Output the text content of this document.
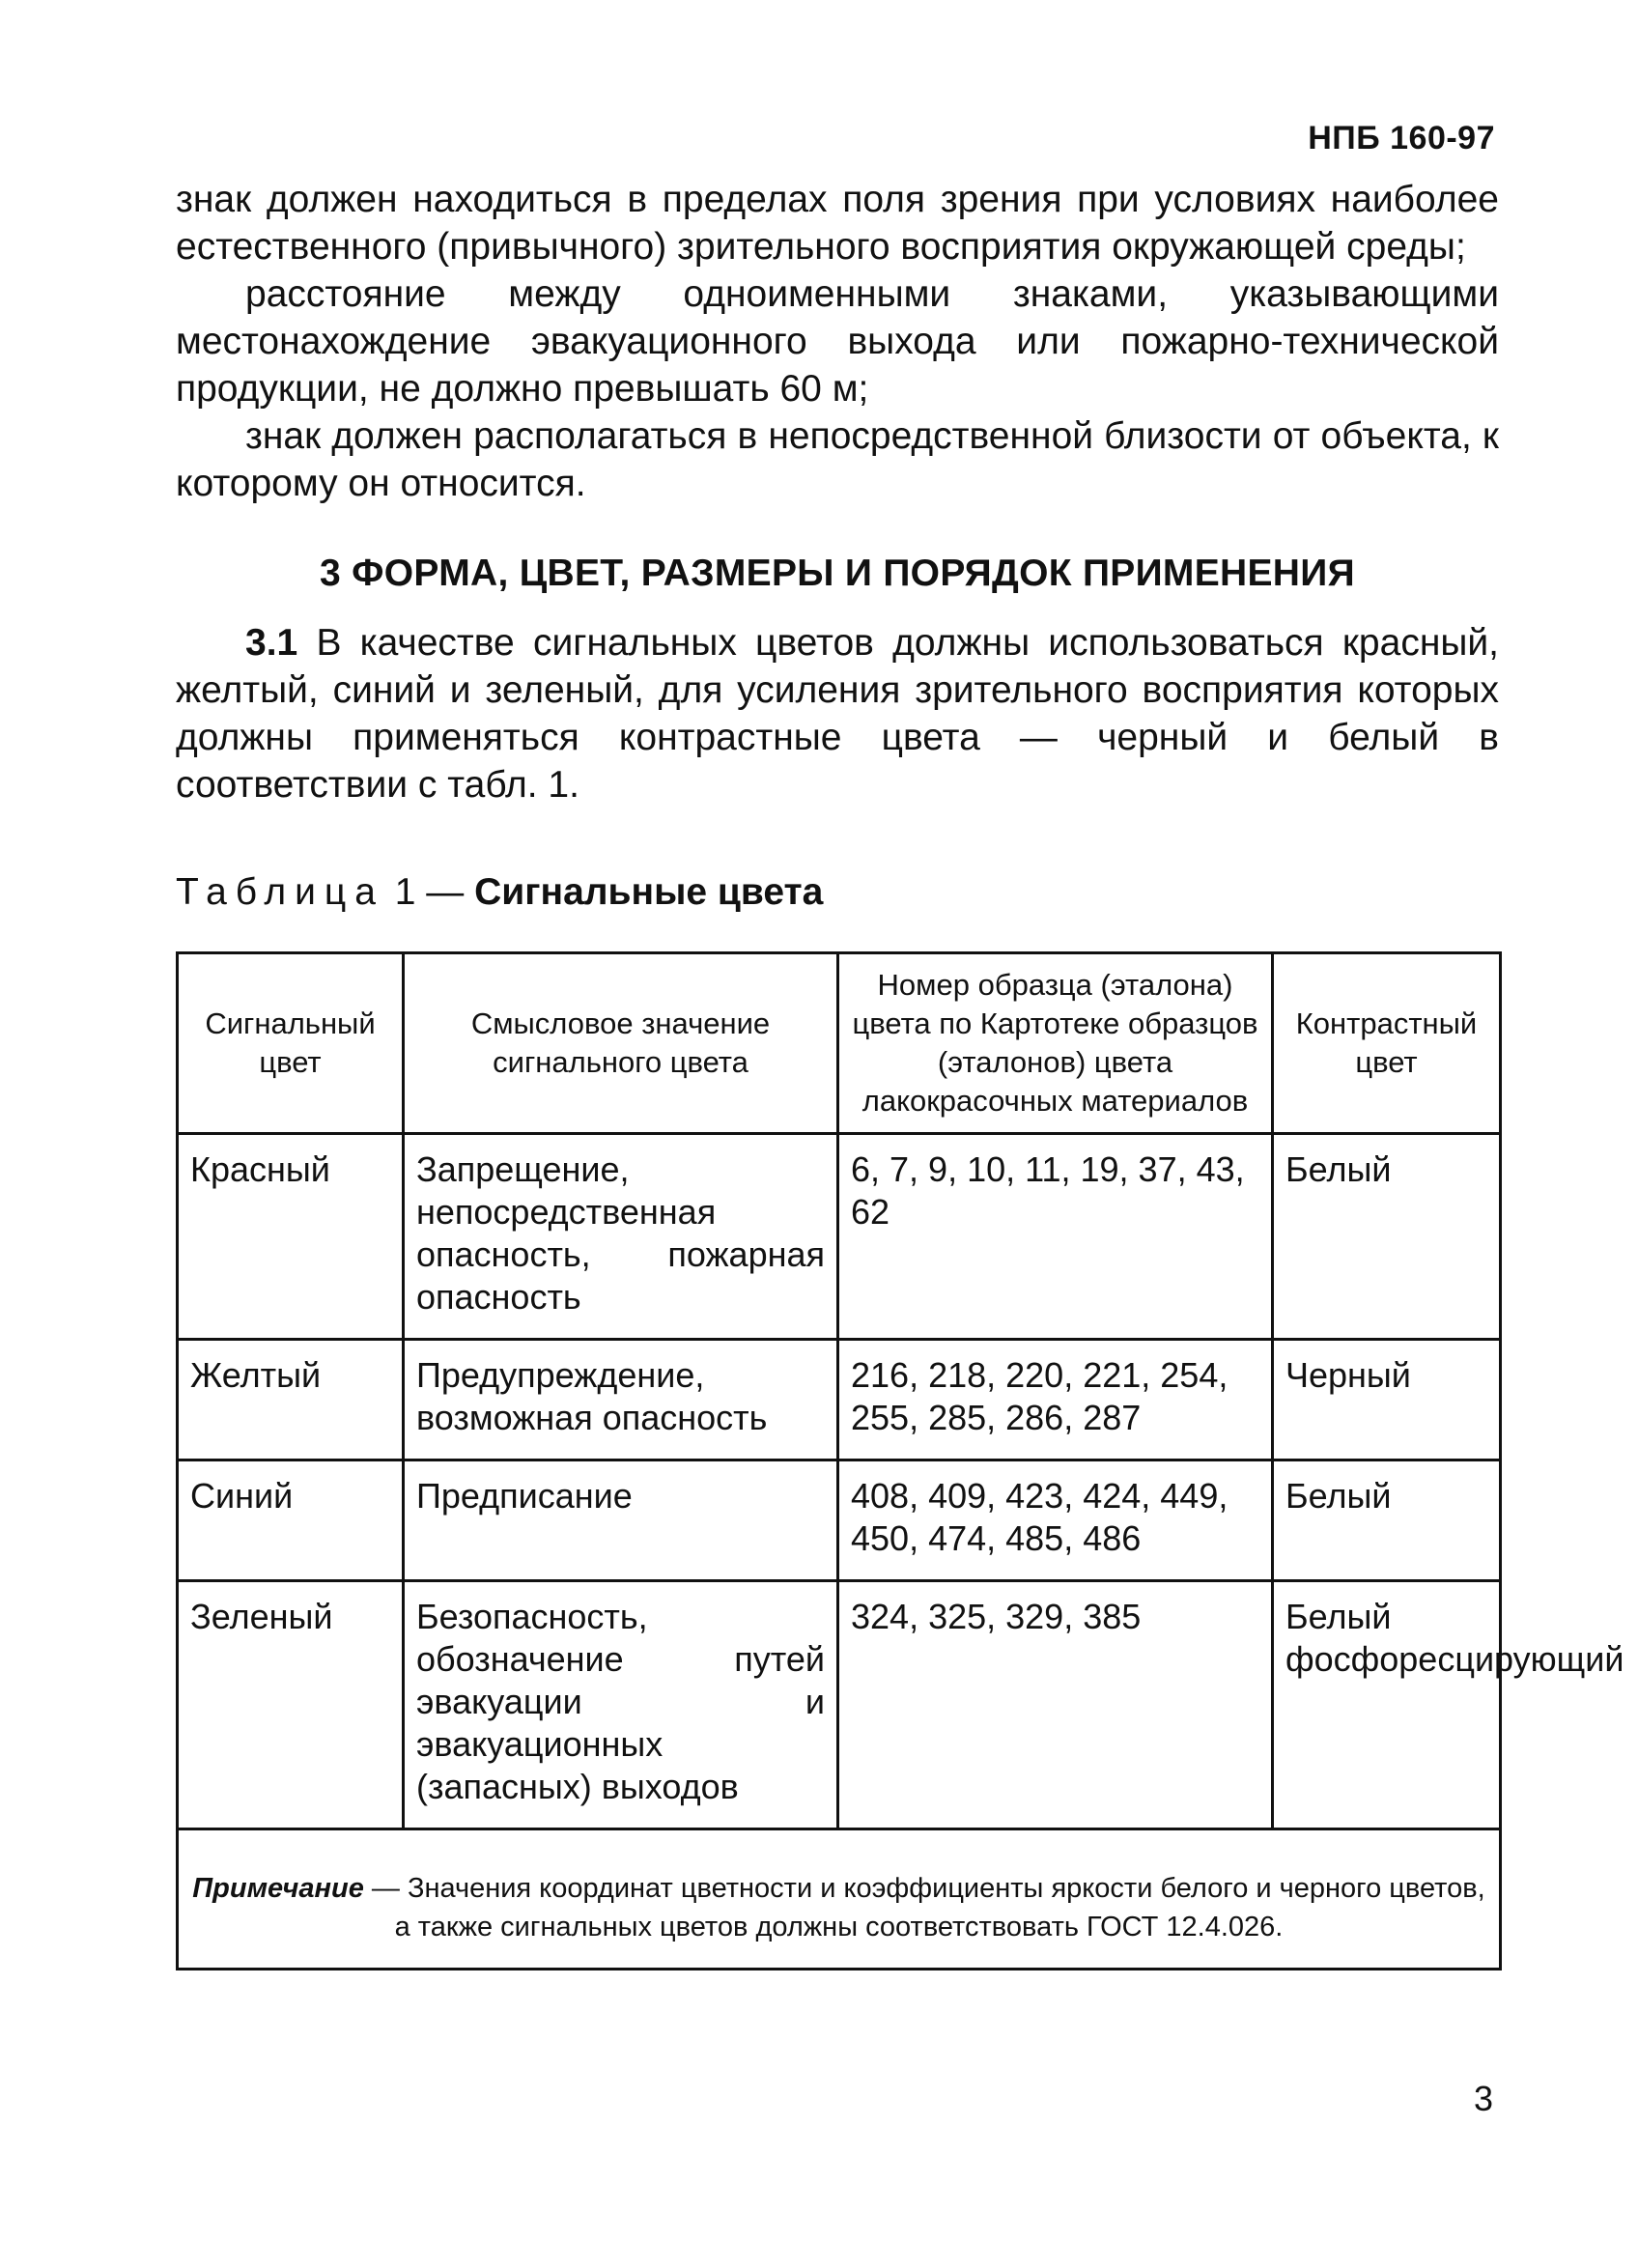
НПБ 160-97

знак должен находиться в пределах поля зрения при условиях наиболее естественного (привычного) зрительного восприятия окружающей среды;

расстояние между одноименными знаками, указывающими местонахождение эвакуационного выхода или пожарно-технической продукции, не должно превышать 60 м;

знак должен располагаться в непосредственной близости от объекта, к которому он относится.

3 ФОРМА, ЦВЕТ, РАЗМЕРЫ И ПОРЯДОК ПРИМЕНЕНИЯ

3.1 В качестве сигнальных цветов должны использоваться красный, желтый, синий и зеленый, для усиления зрительного восприятия которых должны применяться контрастные цвета — черный и белый в соответствии с табл. 1.

Таблица 1 — Сигнальные цвета
Сигнальный цвет	Смысловое значение сигнального цвета	Номер образца (эталона) цвета по Картотеке образцов (эталонов) цвета лакокрасочных материалов	Контрастный цвет
Красный	Запрещение, непосредственная опасность, пожарная опасность	6, 7, 9, 10, 11, 19, 37, 43, 62	Белый
Желтый	Предупреждение, возможная опасность	216, 218, 220, 221, 254, 255, 285, 286, 287	Черный
Синий	Предписание	408, 409, 423, 424, 449, 450, 474, 485, 486	Белый
Зеленый	Безопасность, обозначение путей эвакуации и эвакуационных (запасных) выходов	324, 325, 329, 385	Белый фосфоресцирующий
Примечание — Значения координат цветности и коэффициенты яркости белого и черного цветов, а также сигнальных цветов должны соответствовать ГОСТ 12.4.026.			
3
